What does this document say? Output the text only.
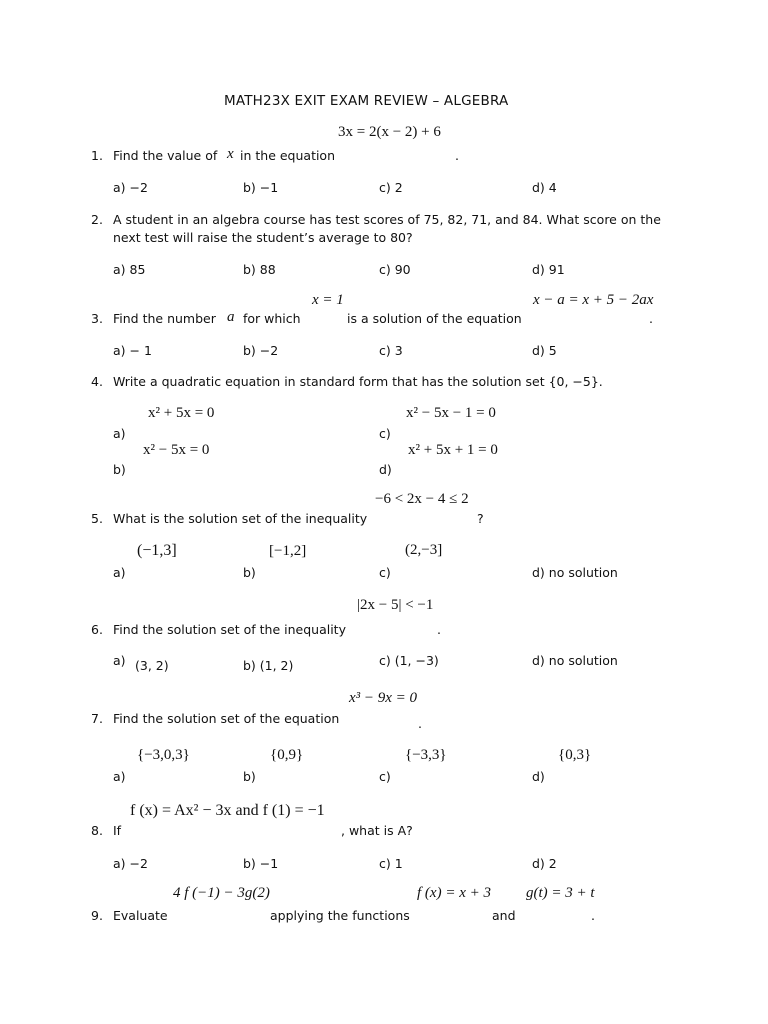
MATH23X EXIT EXAM REVIEW – ALGEBRA
3x = 2(x − 2) + 6
1. Find the value of x in the equation	.
a) −2	b) −1	c) 2	d) 4
2. A student in an algebra course has test scores of 75, 82, 71, and 84. What score on the
next test will raise the student’s average to 80?
a) 85	b) 88	c) 90	d) 91
x = 1	x − a = x + 5 − 2ax
3. Find the number a for which	is a solution of the equation	.
a) − 1	b) −2	c) 3	d) 5
4. Write a quadratic equation in standard form that has the solution set {0, −5}.
x² + 5x = 0	x² − 5x − 1 = 0
a)	c)
x² − 5x = 0	x² + 5x + 1 = 0
b)	d)
−6 < 2x − 4 ≤ 2
5. What is the solution set of the inequality	?
(−1,3]	[−1,2]	(2,−3]
a)	b)	c)	d) no solution
|2x − 5| < −1
6. Find the solution set of the inequality	.
a) (3, 2)	b) (1, 2)	c) (1, −3)	d) no solution
x³ − 9x = 0
7. Find the solution set of the equation	.
{−3,0,3}	{0,9}	{−3,3}	{0,3}
a)	b)	c)	d)
f (x) = Ax² − 3x and f (1) = −1
8. If	, what is A?
a) −2	b) −1	c) 1	d) 2
4 f (−1) − 3g(2)	f (x) = x + 3 g(t) = 3 + t
9. Evaluate	applying the functions	and	.
